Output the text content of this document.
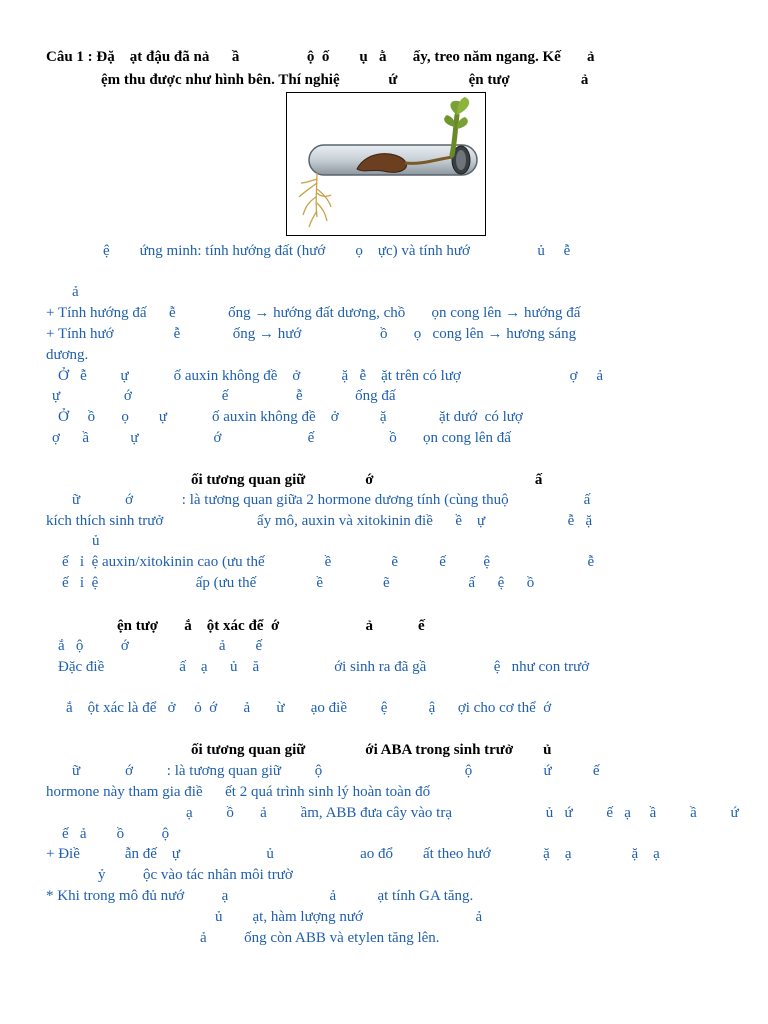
Câu 1 : Đặ    ạt đậu đã nả      ầ                  ộ  ố        ụ   ằ       ấy, treo năm ngang. Kế       ả
ệm thu được như hình bên. Thí nghiệ             ứ                   ện tượ                   ả
ệ        ứng minh: tính hướng đất (hướ        ọ    ực) và tính hướ                  ủ     ễ
ả
+ Tính hướng đấ      ễ              ống → hướng đất dương, chồ       ọn cong lên → hướng đấ
+ Tính hướ                ễ              ống → hướ                     ồ       ọ   cong lên → hương sáng
dương.
Ở   ễ         ự            ố auxin không đề    ở           ặ   ễ    ặt trên có lượ                             ợ     ả
ự                 ớ                        ế                  ễ              ống đấ
Ở     ồ       ọ        ự            ố auxin không đề    ở           ặ              ặt dướ  có lượ
ợ      ầ           ự                    ớ                       ế                    ồ       ọn cong lên đấ
ối tương quan giữ                ớ                                           ấ
ữ            ớ             : là tương quan giữa 2 hormone dương tính (cùng thuộ                    ấ
kích thích sinh trưở                         ẩy mô, auxin và xitokinin điề      ề    ự                      ễ   ặ
ủ
ế   ỉ  ệ auxin/xitokinin cao (ưu thế                ề                ẽ           ế          ệ                          ễ
ế   ỉ  ệ                          ấp (ưu thế                ề                ẽ                     ấ      ệ      ồ
ện tượ       ắ    ột xác để  ớ                       ả            ế
ắ   ộ          ớ                        ả        ế
Đặc điề                    ấ    ạ      ủ    ă                    ới sinh ra đã gầ                  ệ   như con trưở
ắ    ột xác là để   ở     ỏ  ớ       ả       ừ       ạo điề         ệ           ậ      ợi cho cơ thể  ớ
ối tương quan giữ                ới ABA trong sinh trưở        ủ
ữ            ớ         : là tương quan giữ         ộ                                      ộ                   ứ           ế
hormone này tham gia điề      ết 2 quá trình sinh lý hoàn toàn đố
ạ         ồ       ả         ầm, ABB đưa cây vào trạ                         ủ   ứ         ế   ạ     ầ         ầ         ứ
ế   ả        ồ          ộ
+ Điề            ẫn đế    ự                       ủ                       ao đổ        ất theo hướ              ặ    ạ                ặ    ạ
ỷ          ộc vào tác nhân môi trườ
* Khi trong mô đủ nướ          ạ                           ả           ạt tính GA tăng.
ủ        ạt, hàm lượng nướ                              ả
ả          ống còn ABB và etylen tăng lên.
